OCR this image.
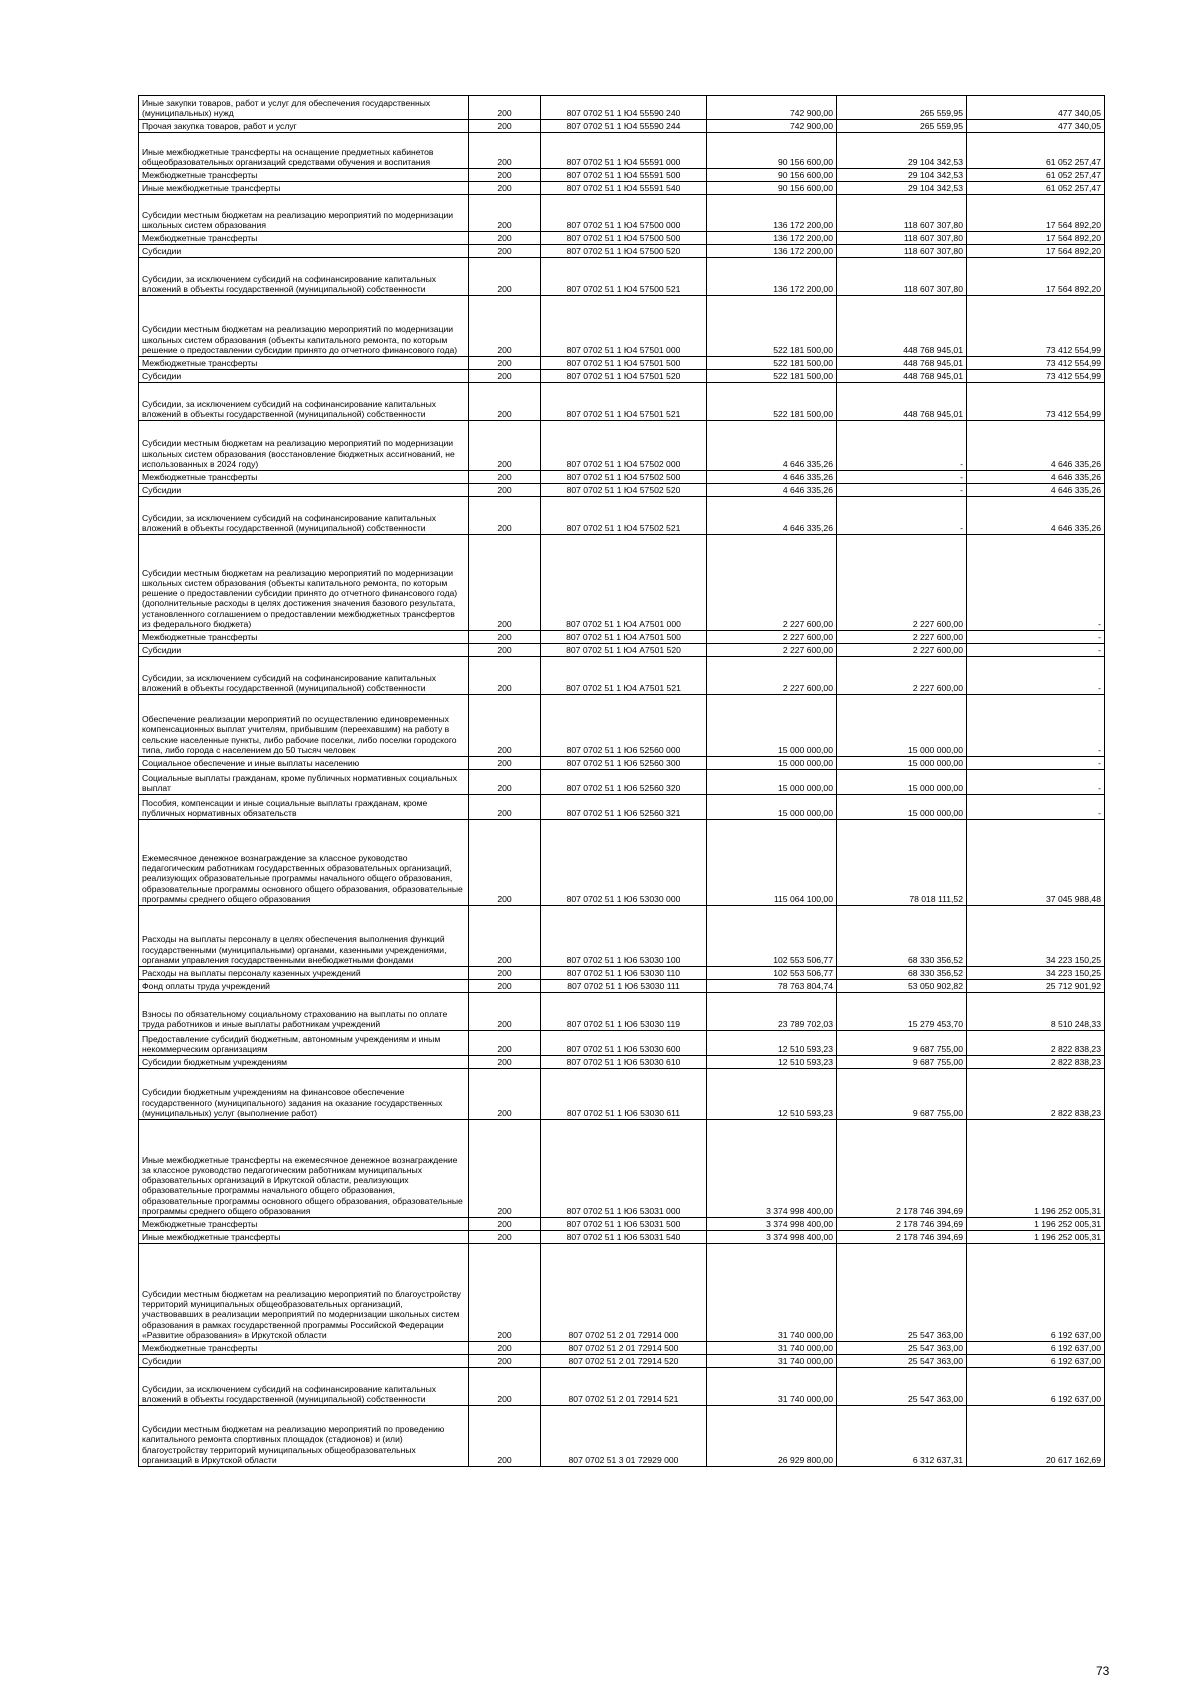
Иные закупки товаров, работ и услуг для обеспечения государственных (муниципальных) нужд	200	807 0702 51 1 Ю4 55590 240	742 900,00	265 559,95	477 340,05
Прочая закупка товаров, работ и услуг	200	807 0702 51 1 Ю4 55590 244	742 900,00	265 559,95	477 340,05
Иные межбюджетные трансферты на оснащение предметных кабинетов общеобразовательных организаций средствами обучения и воспитания	200	807 0702 51 1 Ю4 55591 000	90 156 600,00	29 104 342,53	61 052 257,47
Межбюджетные трансферты	200	807 0702 51 1 Ю4 55591 500	90 156 600,00	29 104 342,53	61 052 257,47
Иные межбюджетные трансферты	200	807 0702 51 1 Ю4 55591 540	90 156 600,00	29 104 342,53	61 052 257,47
Субсидии местным бюджетам на реализацию мероприятий по модернизации школьных систем образования	200	807 0702 51 1 Ю4 57500 000	136 172 200,00	118 607 307,80	17 564 892,20
Межбюджетные трансферты	200	807 0702 51 1 Ю4 57500 500	136 172 200,00	118 607 307,80	17 564 892,20
Субсидии	200	807 0702 51 1 Ю4 57500 520	136 172 200,00	118 607 307,80	17 564 892,20
Субсидии, за исключением субсидий на софинансирование капитальных вложений в объекты государственной (муниципальной) собственности	200	807 0702 51 1 Ю4 57500 521	136 172 200,00	118 607 307,80	17 564 892,20
Субсидии местным бюджетам на реализацию мероприятий по модернизации школьных систем образования (объекты капитального ремонта, по которым решение о предоставлении субсидии принято до отчетного финансового года)	200	807 0702 51 1 Ю4 57501 000	522 181 500,00	448 768 945,01	73 412 554,99
Межбюджетные трансферты	200	807 0702 51 1 Ю4 57501 500	522 181 500,00	448 768 945,01	73 412 554,99
Субсидии	200	807 0702 51 1 Ю4 57501 520	522 181 500,00	448 768 945,01	73 412 554,99
Субсидии, за исключением субсидий на софинансирование капитальных вложений в объекты государственной (муниципальной) собственности	200	807 0702 51 1 Ю4 57501 521	522 181 500,00	448 768 945,01	73 412 554,99
Субсидии местным бюджетам на реализацию мероприятий по модернизации школьных систем образования (восстановление бюджетных ассигнований, не использованных в 2024 году)	200	807 0702 51 1 Ю4 57502 000	4 646 335,26	-	4 646 335,26
Межбюджетные трансферты	200	807 0702 51 1 Ю4 57502 500	4 646 335,26	-	4 646 335,26
Субсидии	200	807 0702 51 1 Ю4 57502 520	4 646 335,26	-	4 646 335,26
Субсидии, за исключением субсидий на софинансирование капитальных вложений в объекты государственной (муниципальной) собственности	200	807 0702 51 1 Ю4 57502 521	4 646 335,26	-	4 646 335,26
Субсидии местным бюджетам на реализацию мероприятий по модернизации школьных систем образования (объекты капитального ремонта, по которым решение о предоставлении субсидии принято до отчетного финансового года) (дополнительные расходы в целях достижения значения базового результата, установленного соглашением о предоставлении межбюджетных трансфертов из федерального бюджета)	200	807 0702 51 1 Ю4 А7501 000	2 227 600,00	2 227 600,00	-
Межбюджетные трансферты	200	807 0702 51 1 Ю4 А7501 500	2 227 600,00	2 227 600,00	-
Субсидии	200	807 0702 51 1 Ю4 А7501 520	2 227 600,00	2 227 600,00	-
Субсидии, за исключением субсидий на софинансирование капитальных вложений в объекты государственной (муниципальной) собственности	200	807 0702 51 1 Ю4 А7501 521	2 227 600,00	2 227 600,00	-
Обеспечение реализации мероприятий по осуществлению единовременных компенсационных выплат учителям, прибывшим (переехавшим) на работу в сельские населенные пункты, либо рабочие поселки, либо поселки городского типа, либо города с населением до 50 тысяч человек	200	807 0702 51 1 Ю6 52560 000	15 000 000,00	15 000 000,00	-
Социальное обеспечение и иные выплаты населению	200	807 0702 51 1 Ю6 52560 300	15 000 000,00	15 000 000,00	-
Социальные выплаты гражданам, кроме публичных нормативных социальных выплат	200	807 0702 51 1 Ю6 52560 320	15 000 000,00	15 000 000,00	-
Пособия, компенсации и иные социальные выплаты гражданам, кроме публичных нормативных обязательств	200	807 0702 51 1 Ю6 52560 321	15 000 000,00	15 000 000,00	-
Ежемесячное денежное вознаграждение за классное руководство педагогическим работникам государственных образовательных организаций, реализующих образовательные программы начального общего образования, образовательные программы основного общего образования, образовательные программы среднего общего образования	200	807 0702 51 1 Ю6 53030 000	115 064 100,00	78 018 111,52	37 045 988,48
Расходы на выплаты персоналу в целях обеспечения выполнения функций государственными (муниципальными) органами, казенными учреждениями, органами управления государственными внебюджетными фондами	200	807 0702 51 1 Ю6 53030 100	102 553 506,77	68 330 356,52	34 223 150,25
Расходы на выплаты персоналу казенных учреждений	200	807 0702 51 1 Ю6 53030 110	102 553 506,77	68 330 356,52	34 223 150,25
Фонд оплаты труда учреждений	200	807 0702 51 1 Ю6 53030 111	78 763 804,74	53 050 902,82	25 712 901,92
Взносы по обязательному социальному страхованию на выплаты по оплате труда работников и иные выплаты работникам учреждений	200	807 0702 51 1 Ю6 53030 119	23 789 702,03	15 279 453,70	8 510 248,33
Предоставление субсидий бюджетным, автономным учреждениям и иным некоммерческим организациям	200	807 0702 51 1 Ю6 53030 600	12 510 593,23	9 687 755,00	2 822 838,23
Субсидии бюджетным учреждениям	200	807 0702 51 1 Ю6 53030 610	12 510 593,23	9 687 755,00	2 822 838,23
Субсидии бюджетным учреждениям на финансовое обеспечение государственного (муниципального) задания на оказание государственных (муниципальных) услуг (выполнение работ)	200	807 0702 51 1 Ю6 53030 611	12 510 593,23	9 687 755,00	2 822 838,23
Иные межбюджетные трансферты на ежемесячное денежное вознаграждение за классное руководство педагогическим работникам муниципальных образовательных организаций в Иркутской области, реализующих образовательные программы начального общего образования, образовательные программы основного общего образования, образовательные программы среднего общего образования	200	807 0702 51 1 Ю6 53031 000	3 374 998 400,00	2 178 746 394,69	1 196 252 005,31
Межбюджетные трансферты	200	807 0702 51 1 Ю6 53031 500	3 374 998 400,00	2 178 746 394,69	1 196 252 005,31
Иные межбюджетные трансферты	200	807 0702 51 1 Ю6 53031 540	3 374 998 400,00	2 178 746 394,69	1 196 252 005,31
Субсидии местным бюджетам на реализацию мероприятий по благоустройству территорий муниципальных общеобразовательных организаций, участвовавших в реализации мероприятий по модернизации школьных систем образования в рамках государственной программы Российской Федерации «Развитие образования» в Иркутской области	200	807 0702 51 2 01 72914 000	31 740 000,00	25 547 363,00	6 192 637,00
Межбюджетные трансферты	200	807 0702 51 2 01 72914 500	31 740 000,00	25 547 363,00	6 192 637,00
Субсидии	200	807 0702 51 2 01 72914 520	31 740 000,00	25 547 363,00	6 192 637,00
Субсидии, за исключением субсидий на софинансирование капитальных вложений в объекты государственной (муниципальной) собственности	200	807 0702 51 2 01 72914 521	31 740 000,00	25 547 363,00	6 192 637,00
Субсидии местным бюджетам на реализацию мероприятий по проведению капитального ремонта спортивных площадок (стадионов) и (или) благоустройству территорий муниципальных общеобразовательных организаций в Иркутской области	200	807 0702 51 3 01 72929 000	26 929 800,00	6 312 637,31	20 617 162,69
73
